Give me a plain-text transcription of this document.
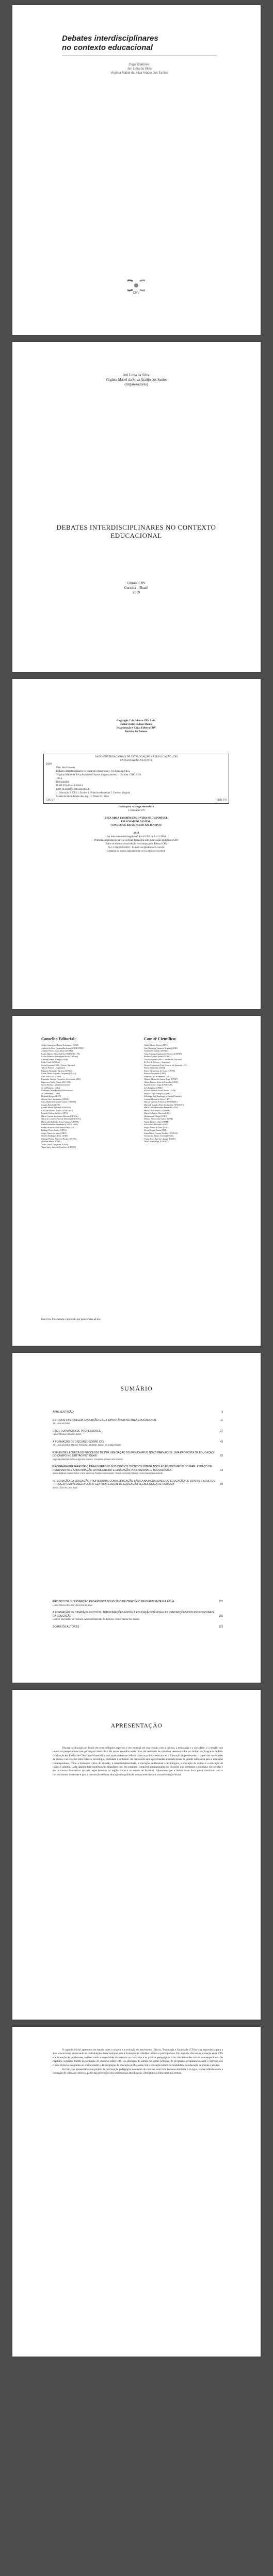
Debates interdisciplinares
no contexto educacional
Organizadores:
Jeri Lima da Silva
Virgínia Mabel da Silva Araújo dos Santos
CRV
Jeri Lima da Silva
Virgínia Mabel da Silva Araújo dos Santos
(Organizadores)
DEBATES INTERDISCIPLINARES NO CONTEXTO EDUCACIONAL
Editora CRV
Curitiba – Brasil
2019
Copyright © da Editora CRV Ltda.
Editor-chefe: Railson Moura
Diagramação e Capa: Editora CRV
Revisão: Os Autores
DADOS INTERNACIONAIS DE CATALOGAÇÃO NA PUBLICAÇÃO (CIP)
CATALOGAÇÃO NA FONTE
D286
Deb, Jeri Lima da
Debates interdisciplinares no contexto educacional / Jeri Lima da Silva,
Virgínia Mabel da Silva Araújo dos Santos (organizadores) – Curitiba: CRV, 2019.
166 p.
Bibliografia
ISBN 978-85-444-3304-1
DOI 10.24824/978854443304.1
1. Educação 2. CTS 3. Ensino 4. Práticas educativas 5. Ensino. Virgínia
Mabel da Silva Araújo dos. org. II. Título III. Série
CDU 37	CDD 370
Índice para catálogo sistemático
1. Educação 370
ESTA OBRA TAMBÉM ENCONTRA-SE DISPONÍVEL
EM FORMATO DIGITAL.
CONHEÇA E BAIXE NOSSO APLICATIVO!
2019
Foi feito o depósito legal conf. Lei 10.994 de 14/12/2004
Proibida a reprodução parcial ou total desta obra sem autorização da Editora CRV
Todos os direitos desta edição reservados pela: Editora CRV
Tel.: (41) 3039-6418 – E-mail: sac@editoracrv.com.br
Conheça os nossos lançamentos: www.editoracrv.com.br
Conselho Editorial:
Aldira Guimarães Duarte Domínguez (UNB)
Andréia da Silva Quintanilha Sousa (UNIR/UFRN)
Antônio Pereira Gaio Júnior (UFRRJ)
Carlos Alberto Vilar Estêvão (UMINHO – PT)
Carlos Federico Domínguez Avila (Unieuro)
Carmen Tereza Velanga (UNIR)
Celso Conti (UFSCar)
Cesar Gerónimo Tello (Univer. Nacional
Três de Febrero – Argentina)
Eduardo Fernandes Barbosa (UFMG)
Elione Maria Nogueira Diogenes (UFAL)
Élsio José Corá (UFFS)
Fernando Antônio Gonçalves Alcoforado (IPB)
Francisco Carlos Duarte (PUC-PR)
Gloria Fariñas León (Universidade
de La Havana – Cuba)
Guillermo Arias Beatón (Universidade
de La Havana – Cuba)
Helmuth Krüger (UCP)
Jailson Alves dos Santos (UFRJ)
João Adalberto Campato Junior (UNESP)
Josania Portela (UFPI)
Leonel Severo Rocha (UNISINOS)
Lídia de Oliveira Xavier (UNIEURO)
Lourdes Helena da Silva (UFV)
Maria Cristina dos Santos Bezerra (UFSCar)
Maria de Lourdes Pinto de Almeida (UNOESC)
Maria Lília Imbiriba Sousa Colares (UFOPA)
Paulo Romualdo Hernandes (UNIFAL-MG)
Renato Francisco dos Santos Paula (UFG)
Rodrigo Pratte-Santos (UFES)
Sérgio Nunes de Jesus (IFRO)
Simone Rodrigues Pinto (UNB)
Solange Helena Ximenes-Rocha (UFOPA)
Sydione Santos (UEPG)
Tadeu Oliver Gonçalves (UFPA)
Tania Suely Azevedo Brasileiro (UFOPA)
Comitê Científico:
Altair Alberto Fávero (UPF)
Ana Chrystina Venancio Mignot (UERJ)
Andréia N. Militão (UEMS)
Anna Augusta Sampaio de Oliveira (UNESP)
Barbara Coelho Neves (UFBA)
Cesar Gerónimo Tello (Universidad Nacional
de Três de Febrero – Argentina)
Diosnel Centurion (Univ Americ. de Asunción – Py)
Eliane Rose Maio (UEM)
Elizeu Clementino de Souza (UNEB)
Fauston Negreiros (UFPI)
Francisco Ari de Andrade (UFC)
Gláucia Maria dos Santos Jorge (UFOP)
Helder Buenos Aires de Carvalho (UFPI)
Ilma Passos A. Veiga (UNICEUB)
Inês Bragança (UERJ)
José de Ribamar Sousa Pereira (UCB)
Jussara Fraga Portugal (UNEB)
Kilwangy Kya Kapitango-a-Samba (Unemat)
Lourdes Helena da Silva (UFV)
Marcos Vinicius Francisco (UNOESTE)
Maria de Lourdes Pinto de Almeida (UNOESC)
Maria Eliza Mattosinho Bernardes (USP)
Maria Luisa Bissoto (UNISAL)
Marta Furlan de Oliveira (UEL)
Mohammed Elhajji (UFRJ)
Mônica Pereira dos Santos (UFRJ)
Najela Tavares Ujiie (UTFPR)
Nilson José Machado (USP)
Sérgio Nunes de Jesus (IFRO)
Silvia Regina Canan (URI)
Sonia Maria Ferreira Koehler (UNISAL)
Suzana dos Santos Gomes (UFMG)
Vânia Alves Martins Chaigar (FURG)
Vera Lucia Gaspar (UDESC)
Este livro foi avaliado e aprovado por pareceristas ad hoc.
SUMÁRIO
APRESENTAÇÃO	9
ESTUDOS CTS: ORIGEM, EVOLUÇÃO E SUA IMPORTÂNCIA NA ÁREA EDUCACIONAL	11
Jeri Lima da Silva
CTS E FORMAÇÃO DE PROFESSORES	27
Hipias Monteiro Duarte Júnior
A FORMAÇÃO DE DISCURSO SOBRE CTS	43
Jeri Lima da Silva; Marcos Tassadar; Jardeline Daniel de Araújo Borges
REFLEXÕES ACERCA DO PROCESSO DE INFLUENCIAÇÃO DO IFRN/CAMPUS NOVO PARNÁ/CGE: UMA PROPOSTA DE EDUCAÇÃO DO CAMPO NO SERTÃO POTIGUAR	53
Virgínia Mabel da Silva Araújo dos Santos; Josadaira Oliveira dos Santos
PROGRAMA PREPARATÓRIO PARA INGRESSO NOS CURSOS TÉCNICOS INTEGRADOS AO ENSINO MÉDIO DO IFRR: ESPAÇO DE RENDIMENTO E APROXIMAÇÃO ENTRE ENSINO E EDUCAÇÃO PROFISSIONAL E TECNOLÓGICA	73
Maria Betânia Gomes Silva; Carla Vanessa Paulino Nascimento; Tamas Armando Ribeiro; Clara Maria Nascimento
INTEGRAÇÃO DA EDUCAÇÃO PROFISSIONAL COM A EDUCAÇÃO BÁSICA NA MODALIDADE DE EDUCAÇÃO DE JOVENS E ADULTOS – PROEJA: UM PARALELO COM O CENTRO FEDERAL DE EDUCAÇÃO TECNOLÓGICA DE RORAIMA	99
Maria Lúcia de Lima Silva
PROJETO DE INTERVENÇÃO PEDAGÓGICA NO ENSINO DE CIÊNCIA: O MEIO AMBIENTE E A ÁGUA	137
Lusiel Ribeiro de Lima; Jeri Lima da Silva
A FORMAÇÃO DE CIDADÃOS CRÍTICOS: APROXIMAÇÕES ENTRE A EDUCAÇÃO CIÊNCIA E AS PERCEPÇÕES DOS PROFISSIONAIS DA EDUCAÇÃO	155
Luciene Guimarães de Andrade; Ivanilson Salomão de Barbosa; Osório Cabral dos Santos
SOBRE OS AUTORES	173
APRESENTAÇÃO
Discutir a educação no Brasil em seus múltiplos aspectos, e em especial em sua relação com a ciência, a tecnologia e a sociedade, é o desafio que reuniu os pesquisadores que participam desta obra. Os textos reunidos neste livro são resultado de trabalhos desenvolvidos no âmbito do Programa de Pós-Graduação em Ensino de Ciências e Matemática, nos quais se buscou refletir sobre as práticas educativas, a formação de professores, o papel das instituições de ensino e as relações entre ciência, tecnologia, sociedade e ambiente. As discussões aqui apresentadas abordam temas de grande relevância para a educação contemporânea, como a formação crítica do cidadão, a interdisciplinaridade, a educação profissional e tecnológica, a educação do campo e a educação de jovens e adultos. Cada capítulo traz contribuições singulares que, em conjunto, compõem um panorama das questões que permeiam o cotidiano das escolas e dos processos formativos no país, especialmente na região Norte e no estado de Roraima. Esperamos que a leitura deste livro possa contribuir para o fortalecimento do debate e para a construção de uma educação de qualidade, comprometida com a transformação social.

O capítulo inicial apresenta um estudo sobre a origem e a evolução do movimento Ciência, Tecnologia e Sociedade (CTS) e sua importância para a área educacional, destacando as contribuições desse enfoque para a formação de cidadãos críticos e participativos. Em seguida, discute-se a relação entre CTS e a formação de professores, evidenciando a necessidade de repensar os currículos e as práticas pedagógicas à luz das demandas sociais contemporâneas. Os capítulos seguintes tratam da formação do discurso sobre CTS, da educação do campo no sertão potiguar, de programas preparatórios para o ingresso nos cursos técnicos integrados ao ensino médio e da integração da educação profissional com a educação básica na modalidade de educação de jovens e adultos.

Por fim, são apresentados um projeto de intervenção pedagógica no ensino de ciências, com foco no meio ambiente e na água, e uma reflexão sobre a formação de cidadãos críticos a partir das percepções dos profissionais da educação. Desejamos a todos uma boa leitura.
